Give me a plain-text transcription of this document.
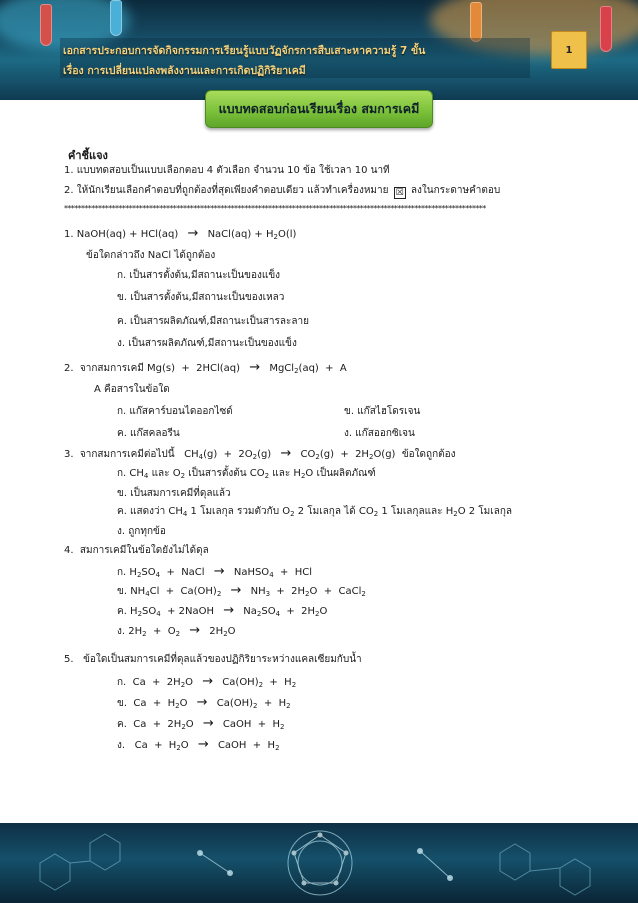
เอกสารประกอบการจัดกิจกรรมการเรียนรู้แบบวัฏจักรการสืบเสาะหาความรู้ 7 ขั้น
เรื่อง การเปลี่ยนแปลงพลังงานและการเกิดปฏิกิริยาเคมี
1
แบบทดสอบก่อนเรียนเรื่อง สมการเคมี
คำชี้แจง
1. แบบทดสอบเป็นแบบเลือกตอบ 4 ตัวเลือก จำนวน 10 ข้อ ใช้เวลา 10 นาที
2. ให้นักเรียนเลือกคำตอบที่ถูกต้องที่สุดเพียงคำตอบเดียว แล้วทำเครื่องหมาย ☒ ลงในกระดาษคำตอบ
****************************************************************************************************************************
1. NaOH(aq) + HCl(aq) → NaCl(aq) + $H_2O(l)$
ข้อใดกล่าวถึง NaCl ได้ถูกต้อง
ก. เป็นสารตั้งต้น,มีสถานะเป็นของแข็ง
ข. เป็นสารตั้งต้น,มีสถานะเป็นของเหลว
ค. เป็นสารผลิตภัณฑ์,มีสถานะเป็นสารละลาย
ง. เป็นสารผลิตภัณฑ์,มีสถานะเป็นของแข็ง
2. จากสมการเคมี Mg(s)  +  2HCl(aq) → MgCl$_2$(aq)  +  A
A คือสารในข้อใด
ก. แก๊สคาร์บอนไดออกไซด์	ข. แก๊สไฮโดรเจน
ค. แก๊สคลอรีน	ง. แก๊สออกซิเจน
3. จากสมการเคมีต่อไปนี้   $CH_4(g) + 2O_2(g) \to CO_2(g) + 2H_2O(g)$  ข้อใดถูกต้อง
ก. $CH_4$ และ $O_2$ เป็นสารตั้งต้น $CO_2$ และ $H_2O$ เป็นผลิตภัณฑ์
ข. เป็นสมการเคมีที่ดุลแล้ว
ค. แสดงว่า $CH_4$ 1 โมเลกุล รวมตัวกับ $O_2$ 2 โมเลกุล ได้ $CO_2$ 1 โมเลกุลและ $H_2O$ 2 โมเลกุล
ง. ถูกทุกข้อ
4. สมการเคมีในข้อใดยังไม่ได้ดุล
ก. $H_2SO_4$  +  NaCl → NaHSO$_4$  +  HCl
ข. $NH_4Cl + Ca(OH)_2 \to NH_3 + 2H_2O$  +  CaCl$_2$
ค. $H_2SO_4$  + 2NaOH → $Na_2SO_4 + 2H_2O$
ง. $2H_2 + O_2 \to 2H_2O$
5. ข้อใดเป็นสมการเคมีที่ดุลแล้วของปฏิกิริยาระหว่างแคลเซียมกับน้ำ
ก.  $Ca + 2H_2O \to Ca(OH)_2 + H_2$
ข.  $Ca + H_2O \to Ca(OH)_2 + H_2$
ค.  $Ca + 2H_2O$ → CaOH  +  $H_2$
ง.   $Ca + H_2O$ → CaOH  +  $H_2$
